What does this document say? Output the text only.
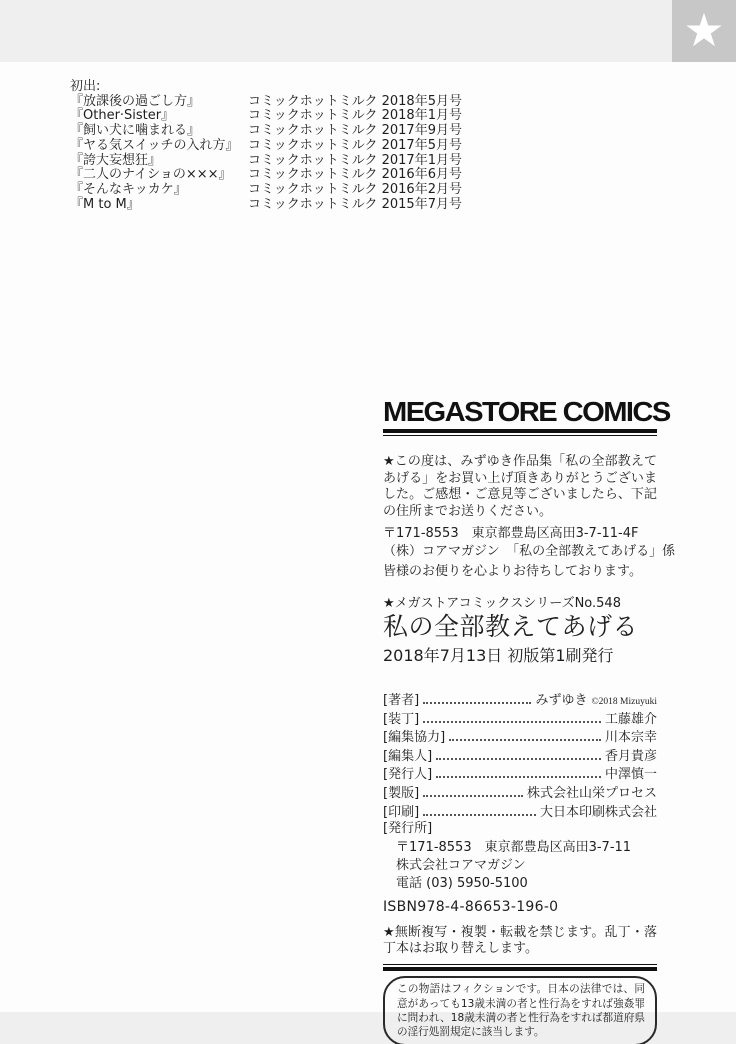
★
初出:
『放課後の過ごし方』	コミックホットミルク 2018年5月号
『Other·Sister』	コミックホットミルク 2018年1月号
『飼い犬に噛まれる』	コミックホットミルク 2017年9月号
『ヤる気スイッチの入れ方』 コミックホットミルク 2017年5月号
『誇大妄想狂』	コミックホットミルク 2017年1月号
『二人のナイショの×××』	コミックホットミルク 2016年6月号
『そんなキッカケ』	コミックホットミルク 2016年2月号
『M to M』	コミックホットミルク 2015年7月号
MEGASTORE COMICS
★この度は、みずゆき作品集「私の全部教えてあげる」をお買い上げ頂きありがとうございました。ご感想・ご意見等ございましたら、下記の住所までお送りください。
〒171-8553　東京都豊島区高田3-7-11-4F
（株）コアマガジン　「私の全部教えてあげる」係
皆様のお便りを心よりお待ちしております。
★メガストアコミックスシリーズNo.548
私の全部教えてあげる
2018年7月13日 初版第1刷発行
[著者]	みずゆき ©2018 Mizuyuki
[装丁]	工藤雄介
[編集協力]	川本宗幸
[編集人]	香月貴彦
[発行人]	中澤慎一
[製版]	株式会社山栄プロセス
[印刷]	大日本印刷株式会社
[発行所]
〒171-8553　東京都豊島区高田3-7-11
株式会社コアマガジン
電話 (03) 5950-5100
ISBN978-4-86653-196-0
★無断複写・複製・転載を禁じます。乱丁・落丁本はお取り替えします。
この物語はフィクションです。日本の法律では、同意があっても13歳未満の者と性行為をすれば強姦罪に問われ、18歳未満の者と性行為をすれば都道府県の淫行処罰規定に該当します。
